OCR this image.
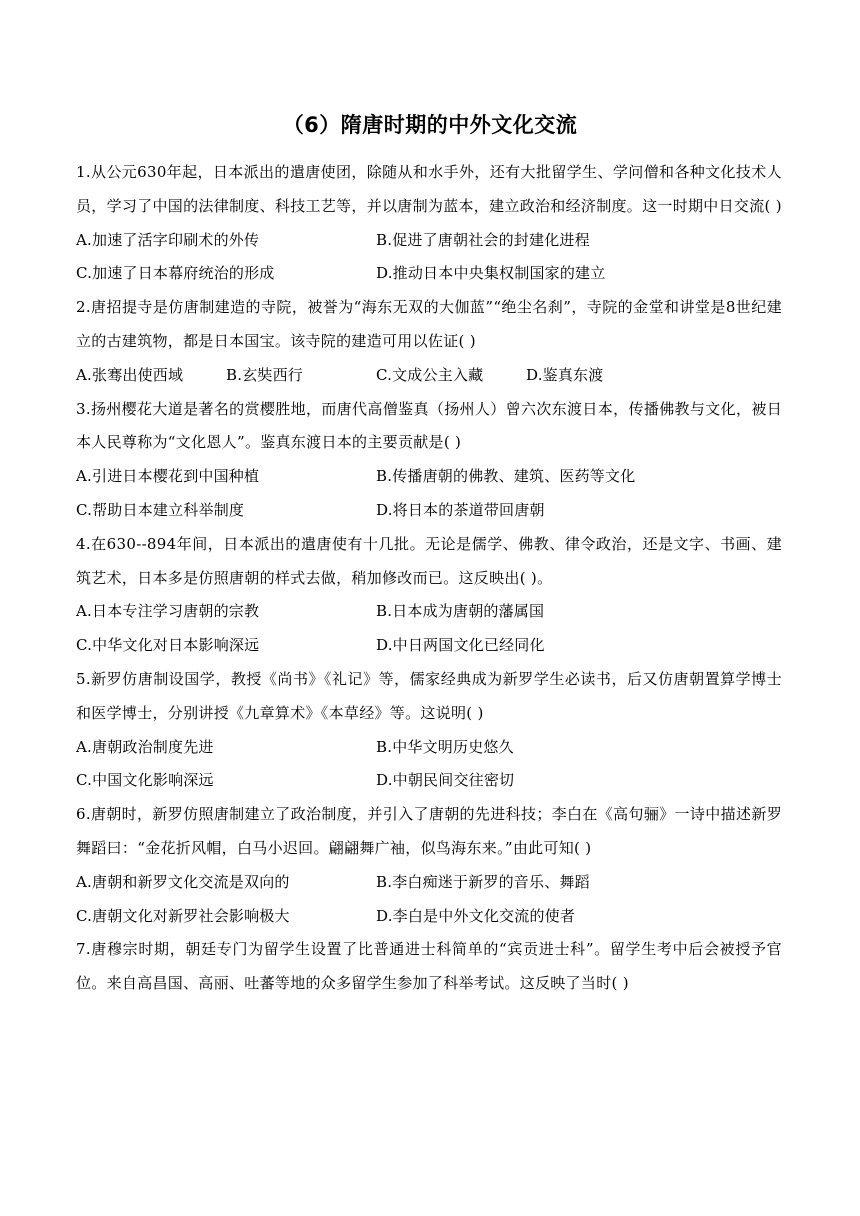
（6）隋唐时期的中外文化交流

1.从公元630年起，日本派出的遣唐使团，除随从和水手外，还有大批留学生、学问僧和各种文化技术人员，学习了中国的法律制度、科技工艺等，并以唐制为蓝本，建立政治和经济制度。这一时期中日交流( )

A.加速了活字印刷术的外传	B.促进了唐朝社会的封建化进程

C.加速了日本幕府统治的形成	D.推动日本中央集权制国家的建立

2.唐招提寺是仿唐制建造的寺院，被誉为“海东无双的大伽蓝”“绝尘名刹”，寺院的金堂和讲堂是8世纪建立的古建筑物，都是日本国宝。该寺院的建造可用以佐证( )

A.张骞出使西域	B.玄奘西行	C.文成公主入藏	D.鉴真东渡

3.扬州樱花大道是著名的赏樱胜地，而唐代高僧鉴真（扬州人）曾六次东渡日本，传播佛教与文化，被日本人民尊称为“文化恩人”。鉴真东渡日本的主要贡献是( )

A.引进日本樱花到中国种植	B.传播唐朝的佛教、建筑、医药等文化

C.帮助日本建立科举制度	D.将日本的茶道带回唐朝

4.在630--894年间，日本派出的遣唐使有十几批。无论是儒学、佛教、律令政治，还是文字、书画、建筑艺术，日本多是仿照唐朝的样式去做，稍加修改而已。这反映出( )。

A.日本专注学习唐朝的宗教	B.日本成为唐朝的藩属国

C.中华文化对日本影响深远	D.中日两国文化已经同化

5.新罗仿唐制设国学，教授《尚书》《礼记》等，儒家经典成为新罗学生必读书，后又仿唐朝置算学博士和医学博士，分别讲授《九章算术》《本草经》等。这说明( )

A.唐朝政治制度先进	B.中华文明历史悠久

C.中国文化影响深远	D.中朝民间交往密切

6.唐朝时，新罗仿照唐制建立了政治制度，并引入了唐朝的先进科技；李白在《高句骊》一诗中描述新罗舞蹈曰：“金花折风帽，白马小迟回。翩翩舞广袖，似鸟海东来。”由此可知( )

A.唐朝和新罗文化交流是双向的	B.李白痴迷于新罗的音乐、舞蹈

C.唐朝文化对新罗社会影响极大	D.李白是中外文化交流的使者

7.唐穆宗时期，朝廷专门为留学生设置了比普通进士科简单的“宾贡进士科”。留学生考中后会被授予官位。来自高昌国、高丽、吐蕃等地的众多留学生参加了科举考试。这反映了当时( )
